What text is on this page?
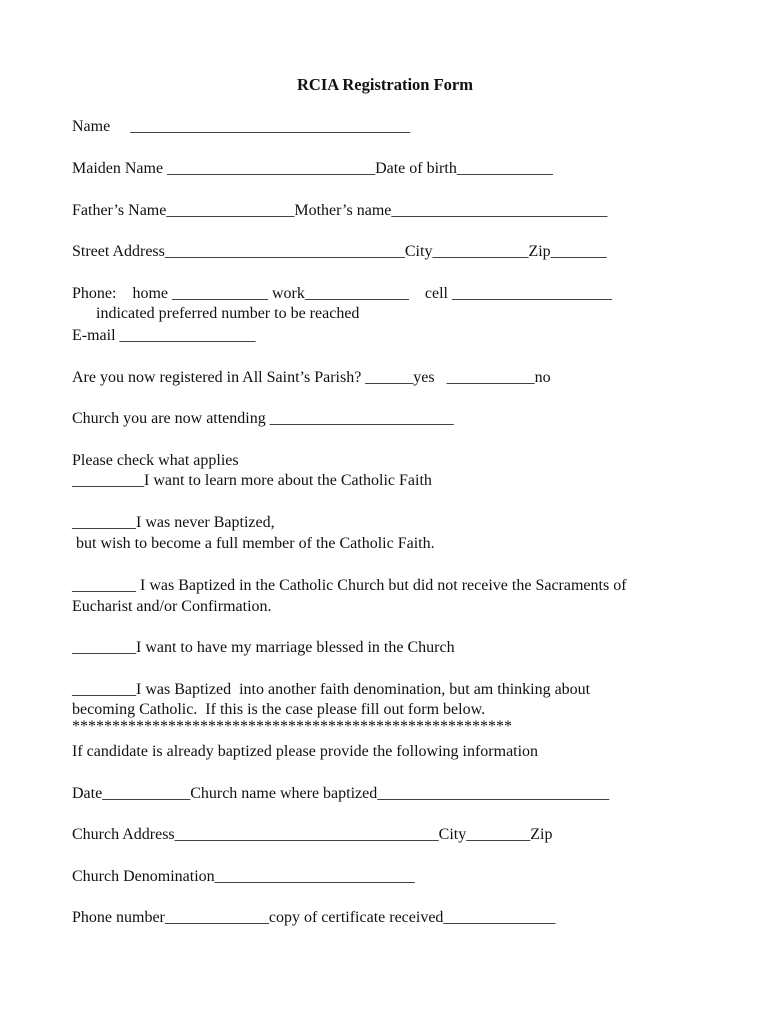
RCIA Registration Form
Name     ___________________________________
Maiden Name __________________________Date of birth____________
Father’s Name________________Mother’s name___________________________
Street Address______________________________City____________Zip_______
Phone:    home ____________ work_____________    cell ____________________
indicated preferred number to be reached
E-mail _________________
Are you now registered in All Saint’s Parish? ______yes   ___________no
Church you are now attending _______________________
Please check what applies
_________I want to learn more about the Catholic Faith
________I was never Baptized,
but wish to become a full member of the Catholic Faith.
________ I was Baptized in the Catholic Church but did not receive the Sacraments of
Eucharist and/or Confirmation.
________I want to have my marriage blessed in the Church
________I was Baptized  into another faith denomination, but am thinking about
becoming Catholic.  If this is the case please fill out form below.
*******************************************************
If candidate is already baptized please provide the following information
Date___________Church name where baptized_____________________________
Church Address_________________________________City________Zip
Church Denomination_________________________
Phone number_____________copy of certificate received______________
